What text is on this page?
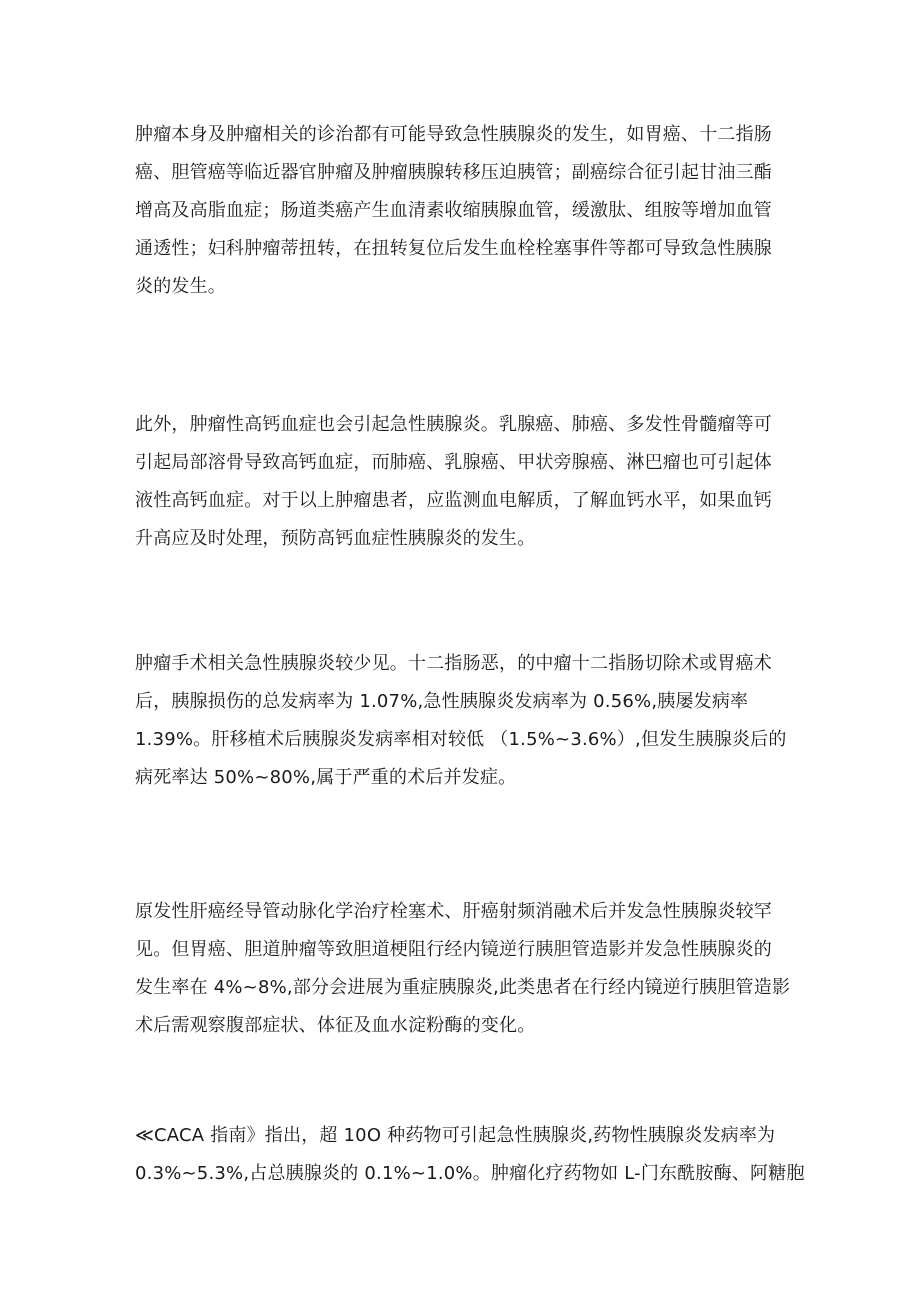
肿瘤本身及肿瘤相关的诊治都有可能导致急性胰腺炎的发生，如胃癌、十二指肠
癌、胆管癌等临近器官肿瘤及肿瘤胰腺转移压迫胰管；副癌综合征引起甘油三酯
增高及高脂血症；肠道类癌产生血清素收缩胰腺血管，缓激肽、组胺等增加血管
通透性；妇科肿瘤蒂扭转，在扭转复位后发生血栓栓塞事件等都可导致急性胰腺
炎的发生。
此外，肿瘤性高钙血症也会引起急性胰腺炎。乳腺癌、肺癌、多发性骨髓瘤等可
引起局部溶骨导致高钙血症，而肺癌、乳腺癌、甲状旁腺癌、淋巴瘤也可引起体
液性高钙血症。对于以上肿瘤患者，应监测血电解质，了解血钙水平，如果血钙
升高应及时处理，预防高钙血症性胰腺炎的发生。
肿瘤手术相关急性胰腺炎较少见。十二指肠恶，的中瘤十二指肠切除术或胃癌术
后，胰腺损伤的总发病率为 1.07%,急性胰腺炎发病率为 0.56%,胰屡发病率
1.39%。肝移植术后胰腺炎发病率相对较低 （1.5%~3.6%）,但发生胰腺炎后的
病死率达 50%~80%,属于严重的术后并发症。
原发性肝癌经导管动脉化学治疗栓塞术、肝癌射频消融术后并发急性胰腺炎较罕
见。但胃癌、胆道肿瘤等致胆道梗阻行经内镜逆行胰胆管造影并发急性胰腺炎的
发生率在 4%~8%,部分会进展为重症胰腺炎,此类患者在行经内镜逆行胰胆管造影
术后需观察腹部症状、体征及血水淀粉酶的变化。
≪CACA 指南》指出，超 10O 种药物可引起急性胰腺炎,药物性胰腺炎发病率为
0.3%~5.3%,占总胰腺炎的 0.1%~1.0%。肿瘤化疗药物如 L-门东酰胺酶、阿糖胞
